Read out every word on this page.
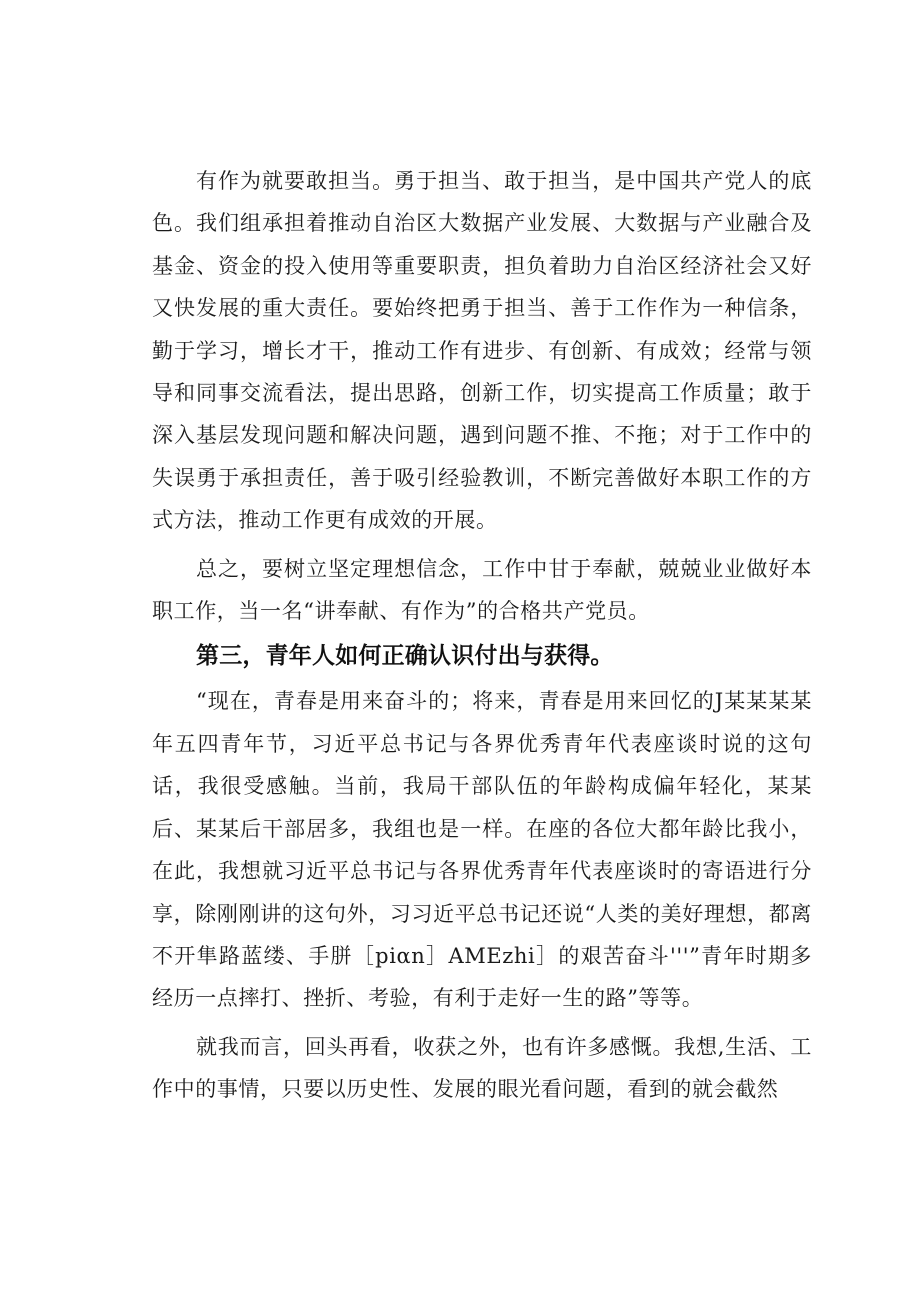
有作为就要敢担当。勇于担当、敢于担当，是中国共产党人的底色。我们组承担着推动自治区大数据产业发展、大数据与产业融合及基金、资金的投入使用等重要职责，担负着助力自治区经济社会又好又快发展的重大责任。要始终把勇于担当、善于工作作为一种信条，勤于学习，增长才干，推动工作有进步、有创新、有成效；经常与领导和同事交流看法，提出思路，创新工作，切实提高工作质量；敢于深入基层发现问题和解决问题，遇到问题不推、不拖；对于工作中的失误勇于承担责任，善于吸引经验教训，不断完善做好本职工作的方式方法，推动工作更有成效的开展。

总之，要树立坚定理想信念，工作中甘于奉献，兢兢业业做好本职工作，当一名“讲奉献、有作为”的合格共产党员。

第三，青年人如何正确认识付出与获得。

“现在，青春是用来奋斗的；将来，青春是用来回忆的J某某某某年五四青年节，习近平总书记与各界优秀青年代表座谈时说的这句话，我很受感触。当前，我局干部队伍的年龄构成偏年轻化，某某后、某某后干部居多，我组也是一样。在座的各位大都年龄比我小，在此，我想就习近平总书记与各界优秀青年代表座谈时的寄语进行分享，除刚刚讲的这句外，习习近平总书记还说“人类的美好理想，都离不开隼路蓝缕、手胼［piαn］AMEzhi］的艰苦奋斗'''”青年时期多经历一点摔打、挫折、考验，有利于走好一生的路”等等。

就我而言，回头再看，收获之外，也有许多感慨。我想,生活、工作中的事情，只要以历史性、发展的眼光看问题，看到的就会截然
